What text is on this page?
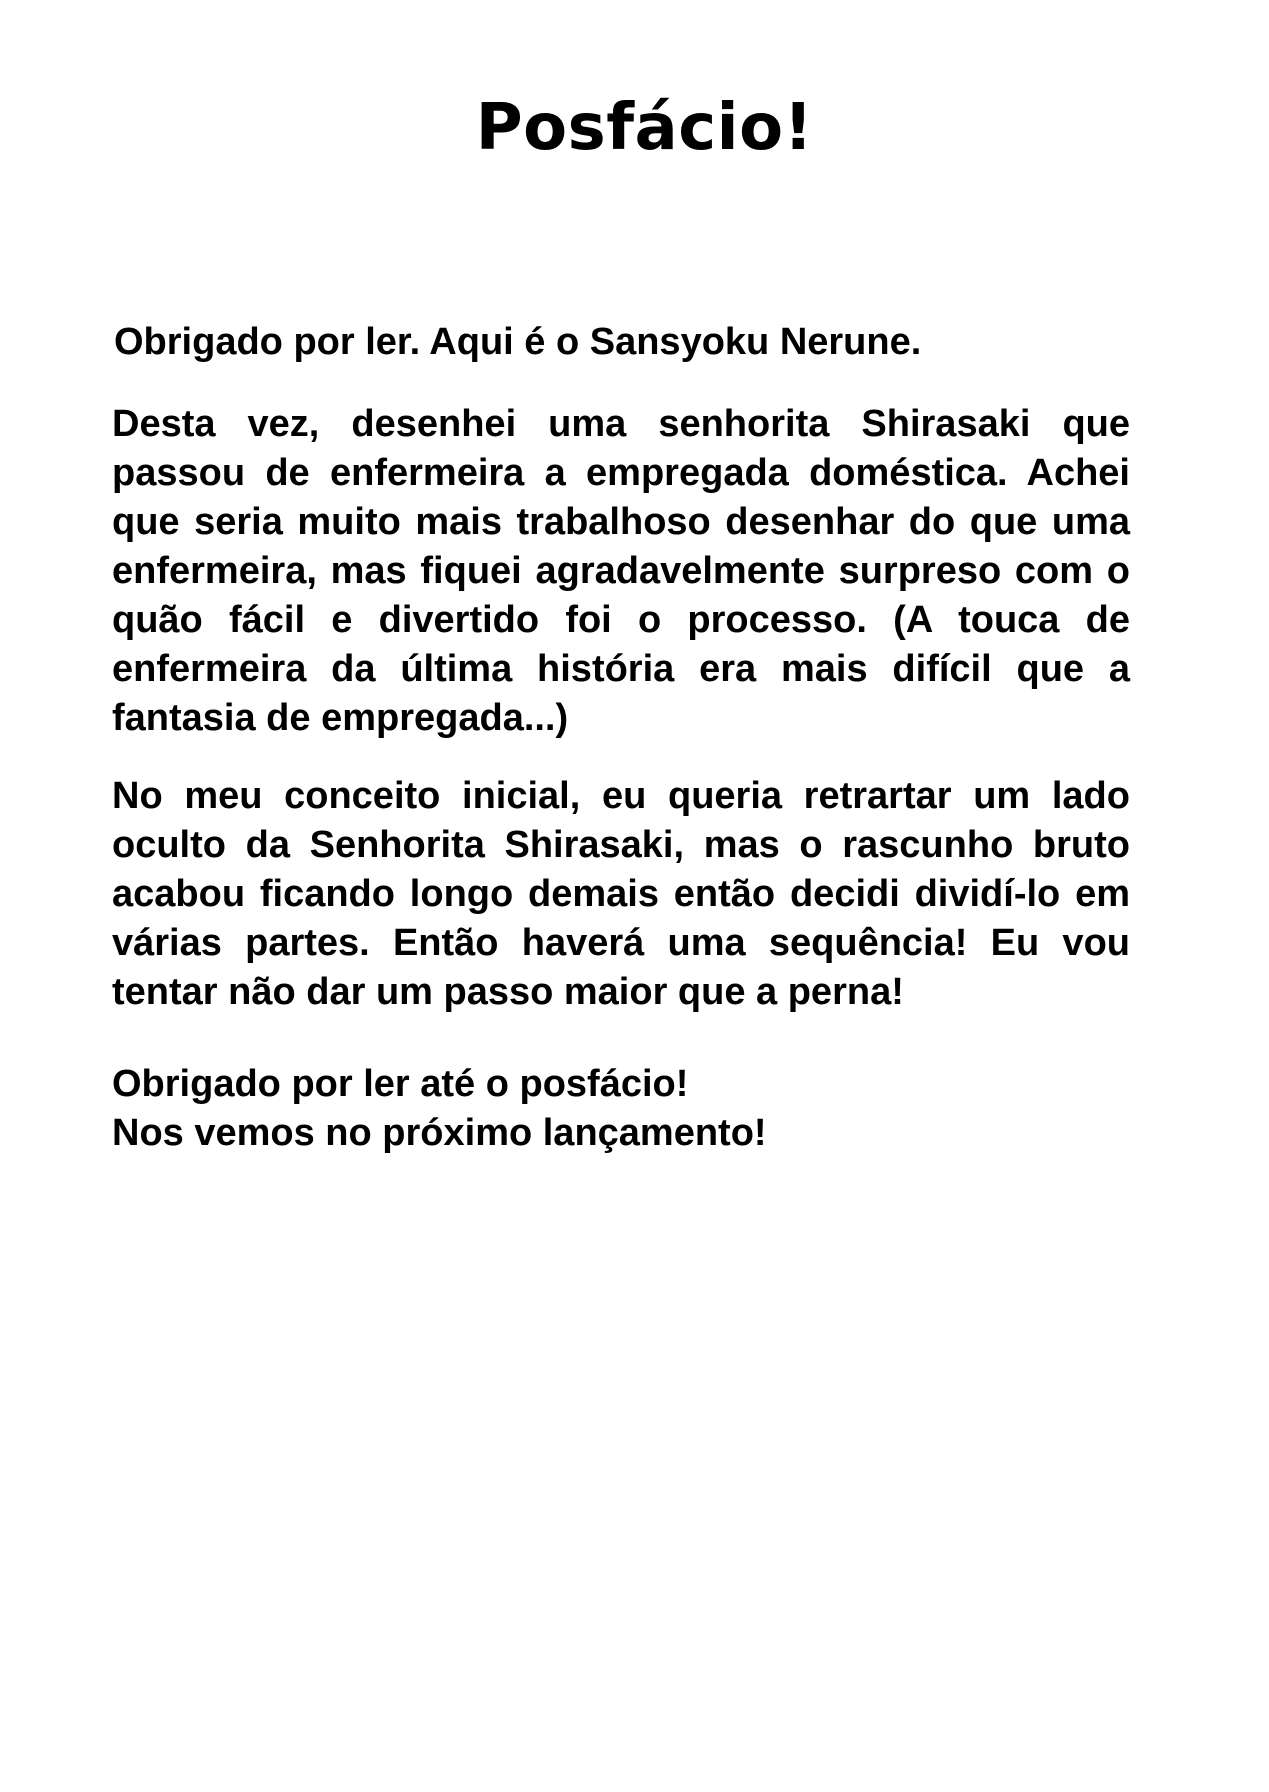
Posfácio!

Obrigado por ler. Aqui é o Sansyoku Nerune.

Desta vez, desenhei uma senhorita Shirasaki que passou de enfermeira a empregada doméstica. Achei que seria muito mais trabalhoso desenhar do que uma enfermeira, mas fiquei agradavelmente surpreso com o quão fácil e divertido foi o processo. (A touca de enfermeira da última história era mais difícil que a fantasia de empregada...)

No meu conceito inicial, eu queria retrartar um lado oculto da Senhorita Shirasaki, mas o rascunho bruto acabou ficando longo demais então decidi dividí-lo em várias partes. Então haverá uma sequência! Eu vou tentar não dar um passo maior que a perna!

Obrigado por ler até o posfácio!
Nos vemos no próximo lançamento!
